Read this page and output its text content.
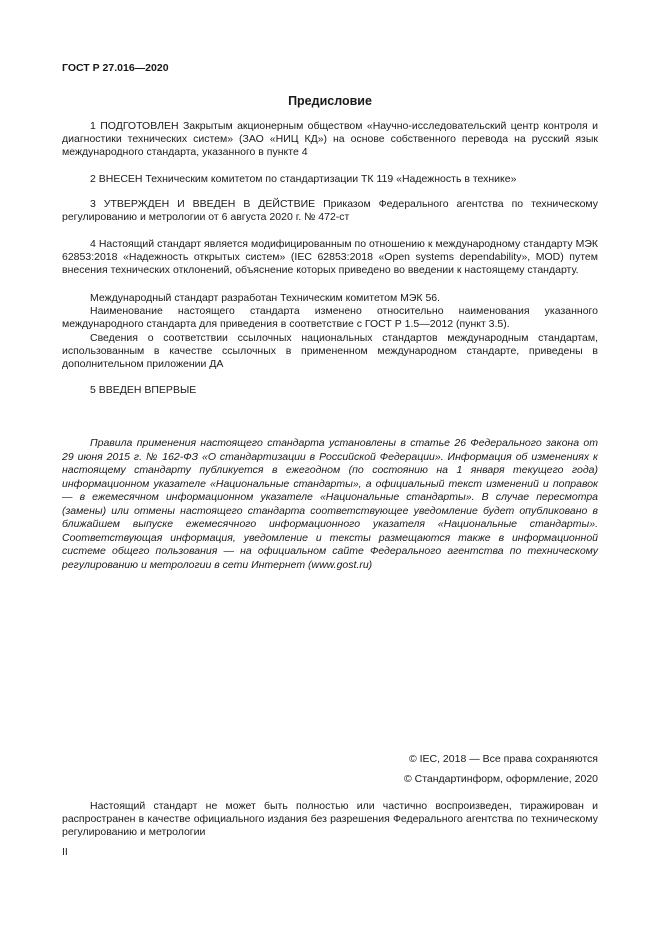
ГОСТ Р 27.016—2020
Предисловие

1 ПОДГОТОВЛЕН Закрытым акционерным обществом «Научно-исследовательский центр контроля и диагностики технических систем» (ЗАО «НИЦ КД») на основе собственного перевода на русский язык международного стандарта, указанного в пункте 4

2 ВНЕСЕН Техническим комитетом по стандартизации ТК 119 «Надежность в технике»

3 УТВЕРЖДЕН И ВВЕДЕН В ДЕЙСТВИЕ Приказом Федерального агентства по техническому регулированию и метрологии от 6 августа 2020 г. № 472-ст

4 Настоящий стандарт является модифицированным по отношению к международному стандарту МЭК 62853:2018 «Надежность открытых систем» (IEC 62853:2018 «Open systems dependability», MOD) путем внесения технических отклонений, объяснение которых приведено во введении к настоящему стандарту.

Международный стандарт разработан Техническим комитетом МЭК 56.

Наименование настоящего стандарта изменено относительно наименования указанного международного стандарта для приведения в соответствие с ГОСТ Р 1.5—2012 (пункт 3.5).

Сведения о соответствии ссылочных национальных стандартов международным стандартам, использованным в качестве ссылочных в примененном международном стандарте, приведены в дополнительном приложении ДА

5 ВВЕДЕН ВПЕРВЫЕ

Правила применения настоящего стандарта установлены в статье 26 Федерального закона от 29 июня 2015 г. № 162-ФЗ «О стандартизации в Российской Федерации». Информация об изменениях к настоящему стандарту публикуется в ежегодном (по состоянию на 1 января текущего года) информационном указателе «Национальные стандарты», а официальный текст изменений и поправок — в ежемесячном информационном указателе «Национальные стандарты». В случае пересмотра (замены) или отмены настоящего стандарта соответствующее уведомление будет опубликовано в ближайшем выпуске ежемесячного информационного указателя «Национальные стандарты». Соответствующая информация, уведомление и тексты размещаются также в информационной системе общего пользования — на официальном сайте Федерального агентства по техническому регулированию и метрологии в сети Интернет (www.gost.ru)

© IEC, 2018 — Все права сохраняются
© Стандартинформ, оформление, 2020

Настоящий стандарт не может быть полностью или частично воспроизведен, тиражирован и распространен в качестве официального издания без разрешения Федерального агентства по техническому регулированию и метрологии

II
